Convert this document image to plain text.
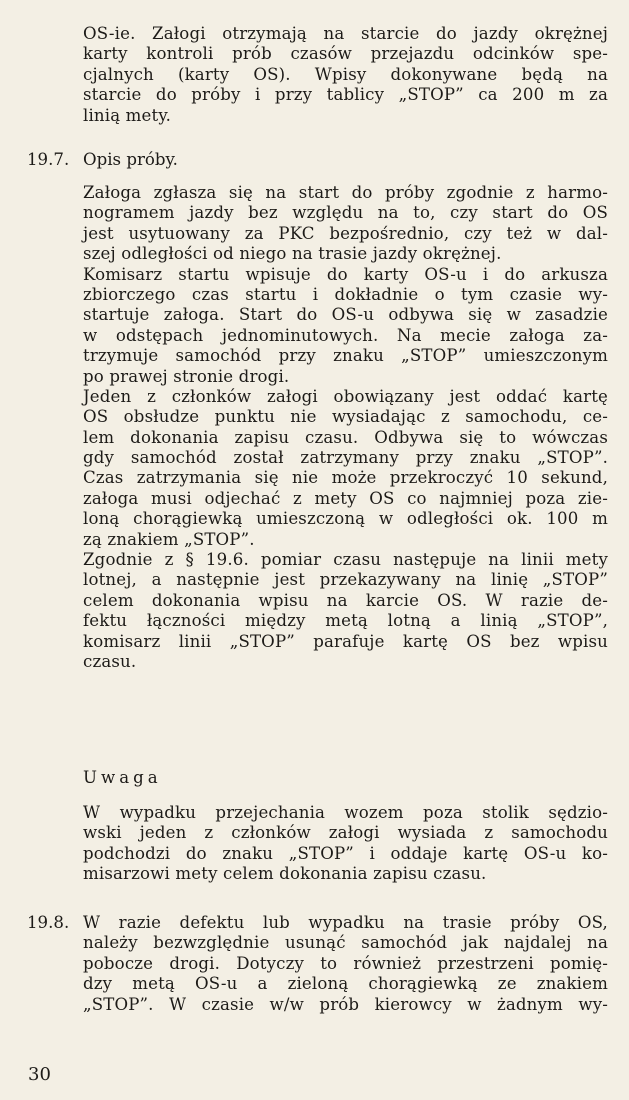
OS-ie. Załogi otrzymają na starcie do jazdy okrężnej
karty kontroli prób czasów przejazdu odcinków spe-
cjalnych (karty OS). Wpisy dokonywane będą na
starcie do próby i przy tablicy „STOP” ca 200 m za
linią mety.
19.7. Opis próby.
Załoga zgłasza się na start do próby zgodnie z harmo-
nogramem jazdy bez względu na to, czy start do OS
jest usytuowany za PKC bezpośrednio, czy też w dal-
szej odległości od niego na trasie jazdy okrężnej.
Komisarz startu wpisuje do karty OS-u i do arkusza
zbiorczego czas startu i dokładnie o tym czasie wy-
startuje załoga. Start do OS-u odbywa się w zasadzie
w odstępach jednominutowych. Na mecie załoga za-
trzymuje samochód przy znaku „STOP” umieszczonym
po prawej stronie drogi.
Jeden z członków załogi obowiązany jest oddać kartę
OS obsłudze punktu nie wysiadając z samochodu, ce-
lem dokonania zapisu czasu. Odbywa się to wówczas
gdy samochód został zatrzymany przy znaku „STOP”.
Czas zatrzymania się nie może przekroczyć 10 sekund,
załoga musi odjechać z mety OS co najmniej poza zie-
loną chorągiewką umieszczoną w odległości ok. 100 m
zą znakiem „STOP”.
Zgodnie z § 19.6. pomiar czasu następuje na linii mety
lotnej, a następnie jest przekazywany na linię „STOP”
celem dokonania wpisu na karcie OS. W razie de-
fektu łączności między metą lotną a linią „STOP”,
komisarz linii „STOP” parafuje kartę OS bez wpisu
czasu.
Uwaga
W wypadku przejechania wozem poza stolik sędzio-
wski jeden z członków załogi wysiada z samochodu
podchodzi do znaku „STOP” i oddaje kartę OS-u ko-
misarzowi mety celem dokonania zapisu czasu.
19.8. W razie defektu lub wypadku na trasie próby OS,
należy bezwzględnie usunąć samochód jak najdalej na
pobocze drogi. Dotyczy to również przestrzeni pomię-
dzy metą OS-u a zieloną chorągiewką ze znakiem
„STOP”. W czasie w/w prób kierowcy w żadnym wy-
30
